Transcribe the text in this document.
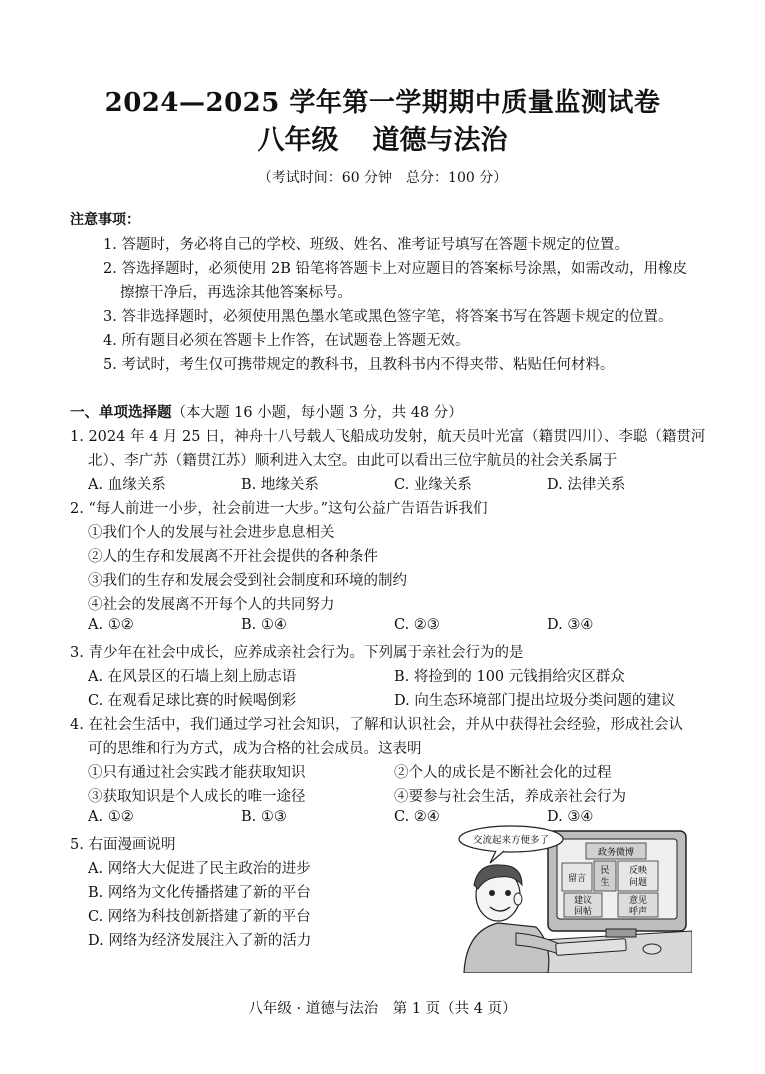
2024—2025 学年第一学期期中质量监测试卷
八年级 道德与法治
（考试时间：60 分钟　总分：100 分）
注意事项：
1. 答题时，务必将自己的学校、班级、姓名、准考证号填写在答题卡规定的位置。
2. 答选择题时，必须使用 2B 铅笔将答题卡上对应题目的答案标号涂黑，如需改动，用橡皮
擦擦干净后，再选涂其他答案标号。
3. 答非选择题时，必须使用黑色墨水笔或黑色签字笔，将答案书写在答题卡规定的位置。
4. 所有题目必须在答题卡上作答，在试题卷上答题无效。
5. 考试时，考生仅可携带规定的教科书，且教科书内不得夹带、粘贴任何材料。
一、单项选择题（本大题 16 小题，每小题 3 分，共 48 分）
1. 2024 年 4 月 25 日，神舟十八号载人飞船成功发射，航天员叶光富（籍贯四川）、李聪（籍贯河
北）、李广苏（籍贯江苏）顺利进入太空。由此可以看出三位宇航员的社会关系属于
A. 血缘关系	B. 地缘关系	C. 业缘关系	D. 法律关系
2. “每人前进一小步，社会前进一大步。”这句公益广告语告诉我们
①我们个人的发展与社会进步息息相关
②人的生存和发展离不开社会提供的各种条件
③我们的生存和发展会受到社会制度和环境的制约
④社会的发展离不开每个人的共同努力
A. ①②	B. ①④	C. ②③	D. ③④
3. 青少年在社会中成长，应养成亲社会行为。下列属于亲社会行为的是
A. 在风景区的石墙上刻上励志语	B. 将捡到的 100 元钱捐给灾区群众
C. 在观看足球比赛的时候喝倒彩	D. 向生态环境部门提出垃圾分类问题的建议
4. 在社会生活中，我们通过学习社会知识，了解和认识社会，并从中获得社会经验，形成社会认
可的思维和行为方式，成为合格的社会成员。这表明
①只有通过社会实践才能获取知识	②个人的成长是不断社会化的过程
③获取知识是个人成长的唯一途径	④要参与社会生活，养成亲社会行为
A. ①②	B. ①③	C. ②④	D. ③④
5. 右面漫画说明
A. 网络大大促进了民主政治的进步
B. 网络为文化传播搭建了新的平台
C. 网络为科技创新搭建了新的平台
D. 网络为经济发展注入了新的活力
政务微博
留言
民
生
反映
问题
建议
回帖
意见
呼声
交流起来方便多了
八年级 · 道德与法治　第 1 页（共 4 页）
